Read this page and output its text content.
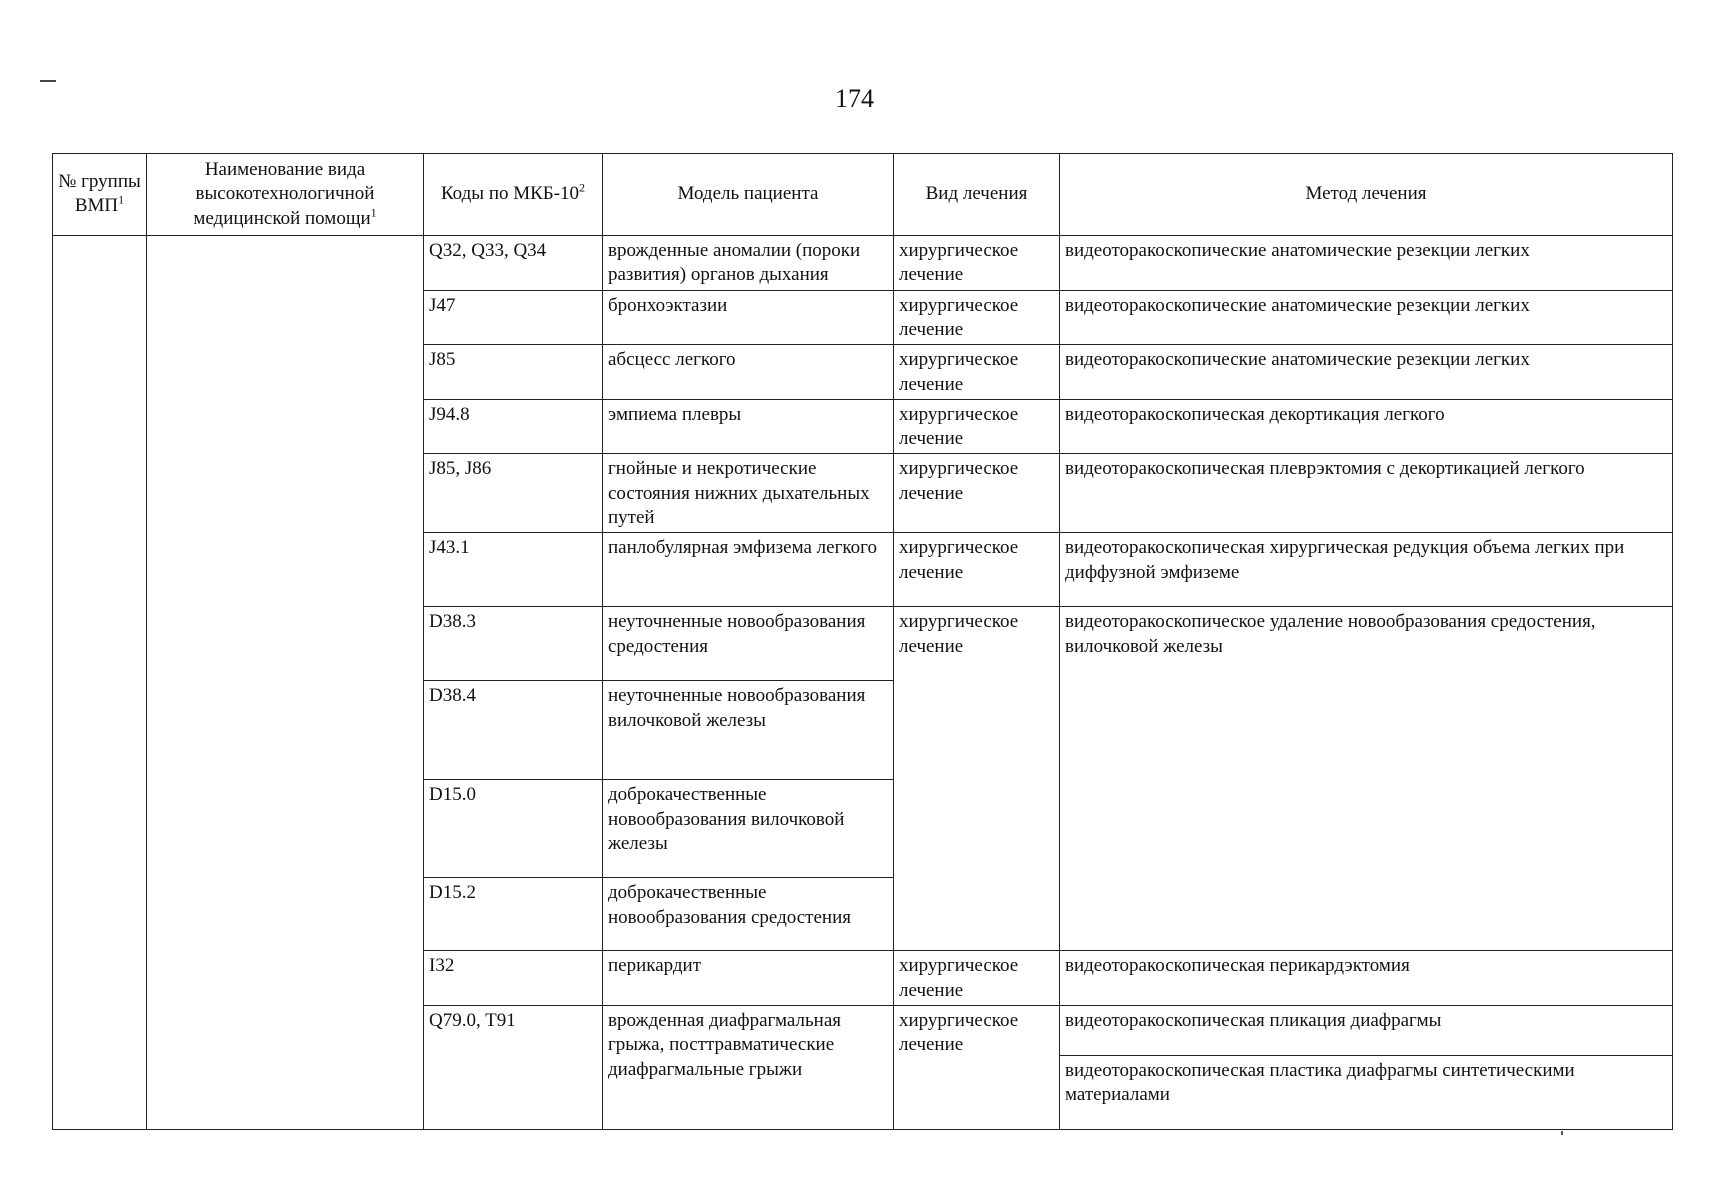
174
№ группы ВМП$^1$	Наименование вида высокотехнологичной медицинской помощи$^1$	Коды по МКБ-$10^2$	Модель пациента	Вид лечения	Метод лечения
		Q32, Q33, Q34	врожденные аномалии (пороки развития) органов дыхания	хирургическое лечение	видеоторакоскопические анатомические резекции легких
		J47	бронхоэктазии	хирургическое лечение	видеоторакоскопические анатомические резекции легких
		J85	абсцесс легкого	хирургическое лечение	видеоторакоскопические анатомические резекции легких
		J94.8	эмпиема плевры	хирургическое лечение	видеоторакоскопическая декортикация легкого
		J85, J86	гнойные и некротические состояния нижних дыхательных путей	хирургическое лечение	видеоторакоскопическая плеврэктомия с декортикацией легкого
		J43.1	панлобулярная эмфизема легкого	хирургическое лечение	видеоторакоскопическая хирургическая редукция объема легких при диффузной эмфиземе
		D38.3	неуточненные новообразования средостения	хирургическое лечение	видеоторакоскопическое удаление новообразования средостения, вилочковой железы
		D38.4	неуточненные новообразования вилочковой железы		
		D15.0	доброкачественные новообразования вилочковой железы		
		D15.2	доброкачественные новообразования средостения		
		I32	перикардит	хирургическое лечение	видеоторакоскопическая перикардэктомия
		Q79.0, T91	врожденная диафрагмальная грыжа, посттравматические диафрагмальные грыжи	хирургическое лечение	видеоторакоскопическая пликация диафрагмы
					видеоторакоскопическая пластика диафрагмы синтетическими материалами
